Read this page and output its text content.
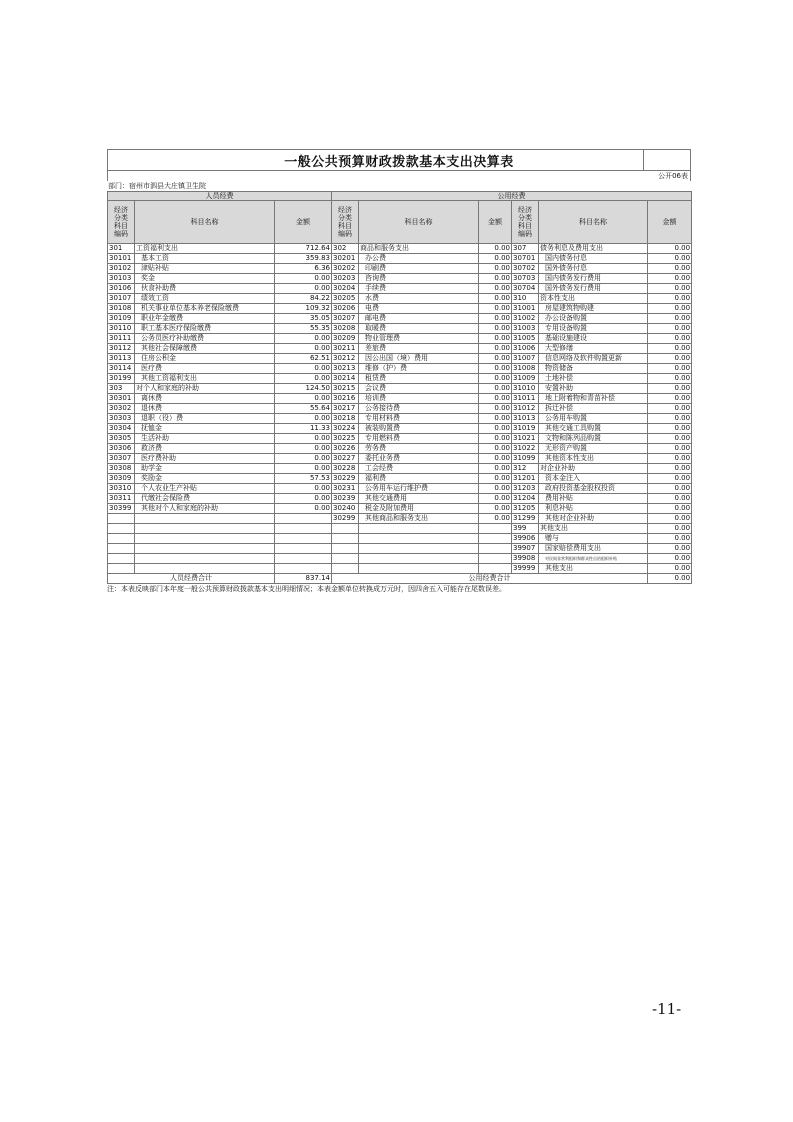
一般公共预算财政拨款基本支出决算表
公开06表
部门：宿州市泗县大庄镇卫生院
人员经费			公用经费					
经济
分类
科目
编码	科目名称	金额	经济
分类
科目
编码	科目名称	金额	经济
分类
科目
编码	科目名称	金额
301	工资福利支出	712.64	302	商品和服务支出	0.00	307	债务利息及费用支出	0.00
30101	基本工资	359.83	30201	办公费	0.00	30701	国内债务付息	0.00
30102	津贴补贴	6.36	30202	印刷费	0.00	30702	国外债务付息	0.00
30103	奖金	0.00	30203	咨询费	0.00	30703	国内债务发行费用	0.00
30106	伙食补助费	0.00	30204	手续费	0.00	30704	国外债务发行费用	0.00
30107	绩效工资	84.22	30205	水费	0.00	310	资本性支出	0.00
30108	机关事业单位基本养老保险缴费	109.32	30206	电费	0.00	31001	房屋建筑物购建	0.00
30109	职业年金缴费	35.05	30207	邮电费	0.00	31002	办公设备购置	0.00
30110	职工基本医疗保险缴费	55.35	30208	取暖费	0.00	31003	专用设备购置	0.00
30111	公务员医疗补助缴费	0.00	30209	物业管理费	0.00	31005	基础设施建设	0.00
30112	其他社会保障缴费	0.00	30211	差旅费	0.00	31006	大型修缮	0.00
30113	住房公积金	62.51	30212	因公出国（境）费用	0.00	31007	信息网络及软件购置更新	0.00
30114	医疗费	0.00	30213	维修（护）费	0.00	31008	物资储备	0.00
30199	其他工资福利支出	0.00	30214	租赁费	0.00	31009	土地补偿	0.00
303	对个人和家庭的补助	124.50	30215	会议费	0.00	31010	安置补助	0.00
30301	离休费	0.00	30216	培训费	0.00	31011	地上附着物和青苗补偿	0.00
30302	退休费	55.64	30217	公务接待费	0.00	31012	拆迁补偿	0.00
30303	退职（役）费	0.00	30218	专用材料费	0.00	31013	公务用车购置	0.00
30304	抚恤金	11.33	30224	被装购置费	0.00	31019	其他交通工具购置	0.00
30305	生活补助	0.00	30225	专用燃料费	0.00	31021	文物和陈列品购置	0.00
30306	救济费	0.00	30226	劳务费	0.00	31022	无形资产购置	0.00
30307	医疗费补助	0.00	30227	委托业务费	0.00	31099	其他资本性支出	0.00
30308	助学金	0.00	30228	工会经费	0.00	312	对企业补助	0.00
30309	奖励金	57.53	30229	福利费	0.00	31201	资本金注入	0.00
30310	个人农业生产补贴	0.00	30231	公务用车运行维护费	0.00	31203	政府投资基金股权投资	0.00
30311	代缴社会保险费	0.00	30239	其他交通费用	0.00	31204	费用补贴	0.00
30399	其他对个人和家庭的补助	0.00	30240	税金及附加费用	0.00	31205	利息补贴	0.00
			30299	其他商品和服务支出	0.00	31299	其他对企业补助	0.00
						399	其他支出	0.00
						39906	赠与	0.00
						39907	国家赔偿费用支出	0.00
						39908	对民间非营利组织和群众性自治组织补贴	0.00
						39999	其他支出	0.00
人员经费合计		837.14	公用经费合计					0.00
注：本表反映部门本年度一般公共预算财政拨款基本支出明细情况；本表金额单位转换成万元时，因四舍五入可能存在尾数误差。
-11-
